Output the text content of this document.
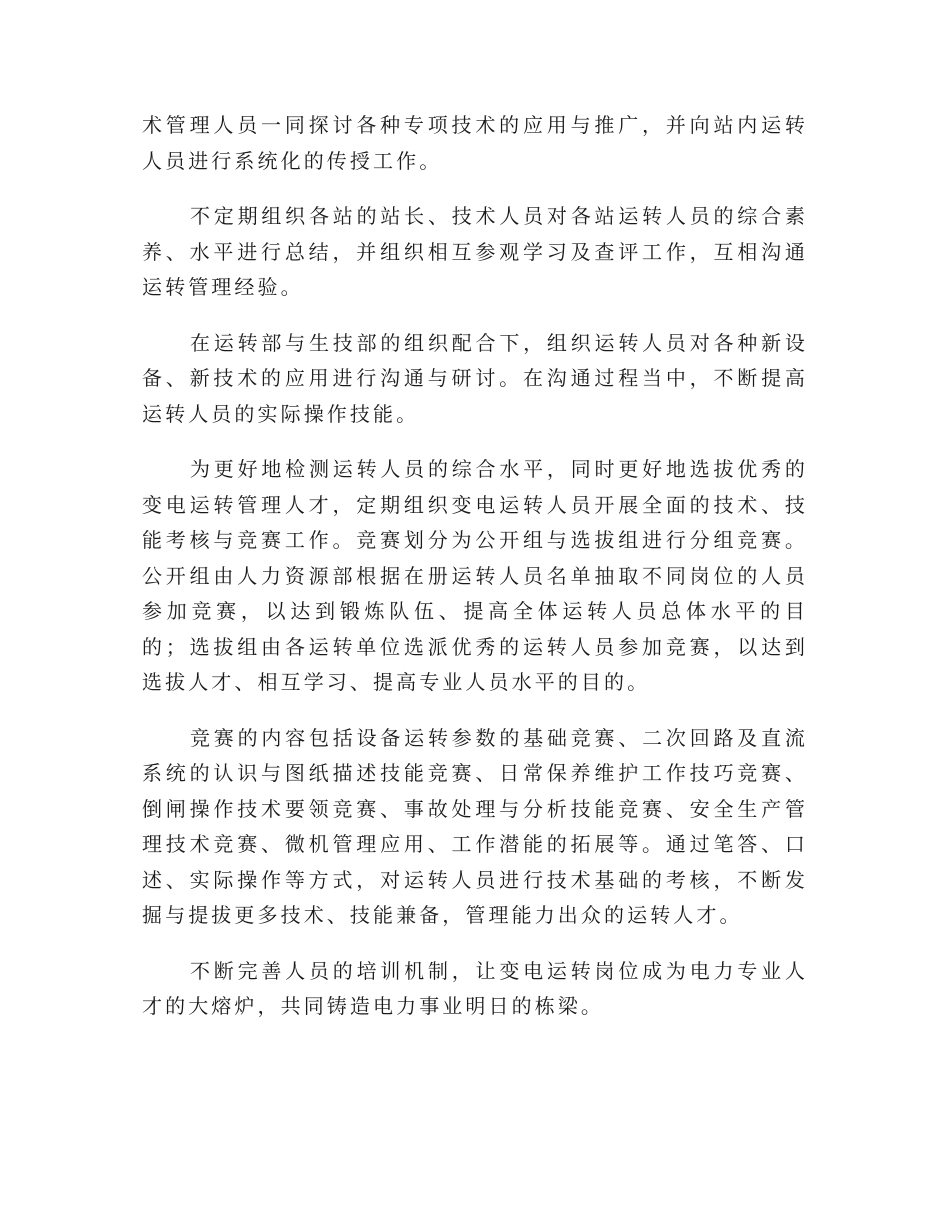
术管理人员一同探讨各种专项技术的应用与推广，并向站内运转人员进行系统化的传授工作。

不定期组织各站的站长、技术人员对各站运转人员的综合素养、水平进行总结，并组织相互参观学习及查评工作，互相沟通运转管理经验。

在运转部与生技部的组织配合下，组织运转人员对各种新设备、新技术的应用进行沟通与研讨。在沟通过程当中，不断提高运转人员的实际操作技能。

为更好地检测运转人员的综合水平，同时更好地选拔优秀的变电运转管理人才，定期组织变电运转人员开展全面的技术、技能考核与竞赛工作。竞赛划分为公开组与选拔组进行分组竞赛。公开组由人力资源部根据在册运转人员名单抽取不同岗位的人员参加竞赛，以达到锻炼队伍、提高全体运转人员总体水平的目的；选拔组由各运转单位选派优秀的运转人员参加竞赛，以达到选拔人才、相互学习、提高专业人员水平的目的。

竞赛的内容包括设备运转参数的基础竞赛、二次回路及直流系统的认识与图纸描述技能竞赛、日常保养维护工作技巧竞赛、倒闸操作技术要领竞赛、事故处理与分析技能竞赛、安全生产管理技术竞赛、微机管理应用、工作潜能的拓展等。通过笔答、口述、实际操作等方式，对运转人员进行技术基础的考核，不断发掘与提拔更多技术、技能兼备，管理能力出众的运转人才。

不断完善人员的培训机制，让变电运转岗位成为电力专业人才的大熔炉，共同铸造电力事业明日的栋梁。
